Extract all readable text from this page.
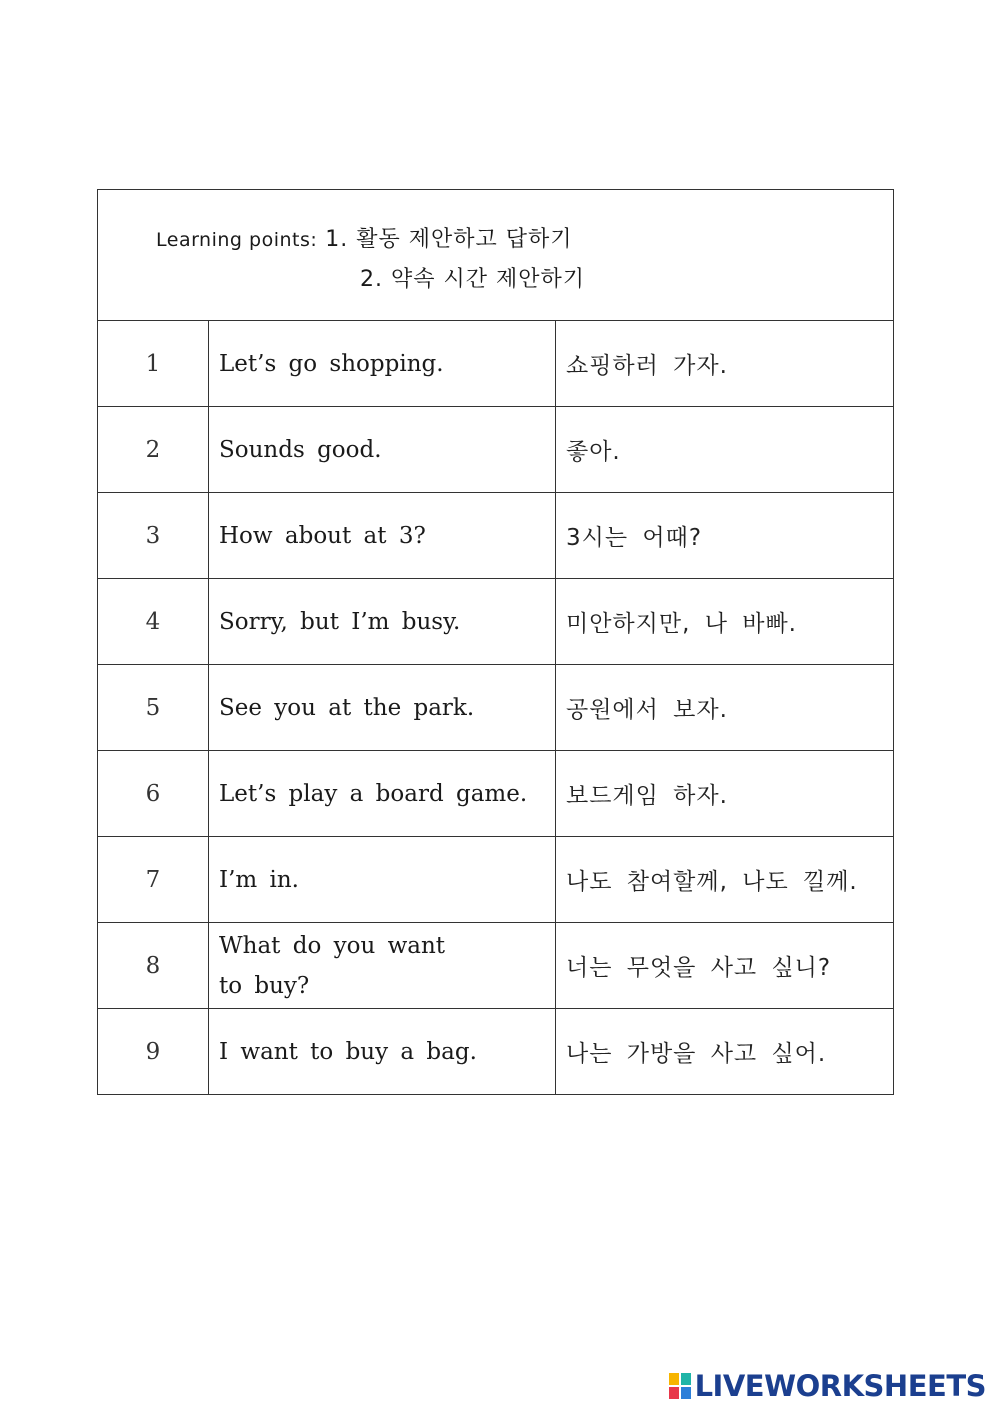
Learning points: 1. 활동 제안하고 답하기
2. 약속 시간 제안하기		

1	Let’s go shopping.	쇼핑하러 가자.
2	Sounds good.	좋아.
3	How about at 3?	3시는 어때?
4	Sorry, but I’m busy.	미안하지만, 나 바빠.
5	See you at the park.	공원에서 보자.
6	Let’s play a board game.	보드게임 하자.
7	I’m in.	나도 참여할께, 나도 낄께.
8	What do you want to buy?	너는 무엇을 사고 싶니?
9	I want to buy a bag.	나는 가방을 사고 싶어.
LIVEWORKSHEETS
